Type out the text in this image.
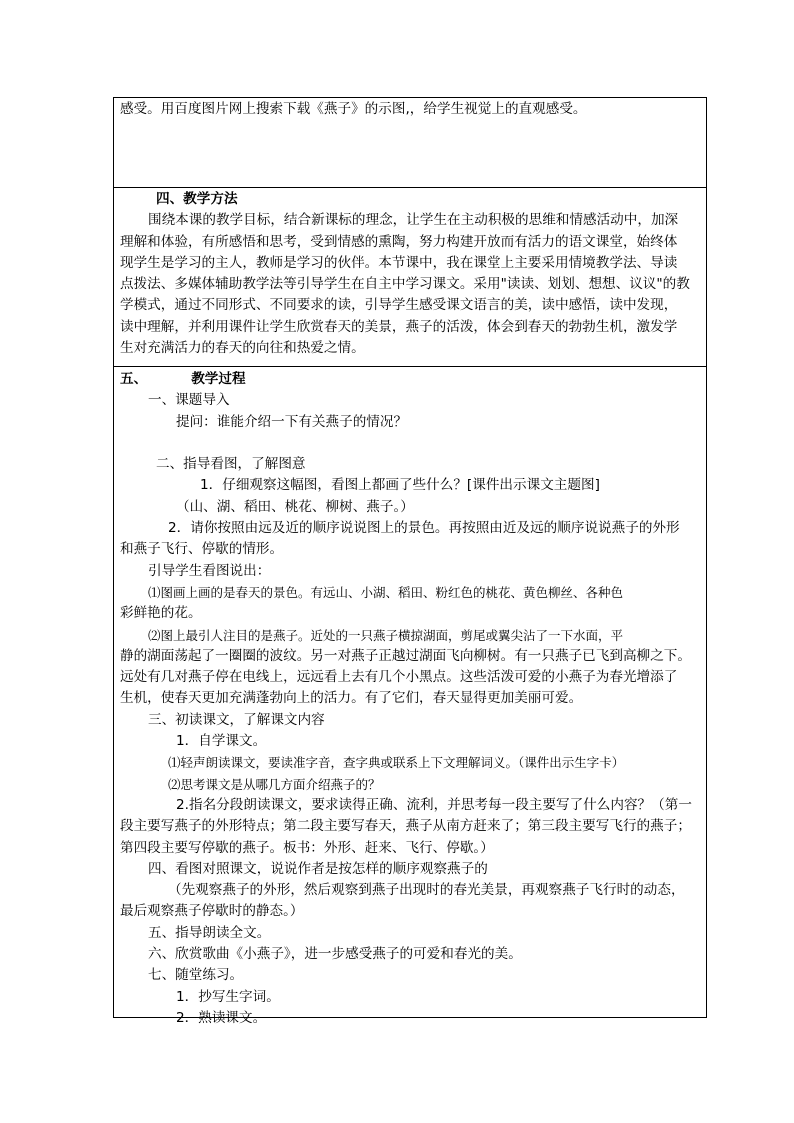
感受。用百度图片网上搜索下载《燕子》的示图,，给学生视觉上的直观感受。
四、教学方法
围绕本课的教学目标，结合新课标的理念，让学生在主动积极的思维和情感活动中，加深
理解和体验，有所感悟和思考，受到情感的熏陶，努力构建开放而有活力的语文课堂，始终体
现学生是学习的主人，教师是学习的伙伴。本节课中，我在课堂上主要采用情境教学法、导读
点拨法、多媒体辅助教学法等引导学生在自主中学习课文。采用"读读、划划、想想、议议"的教
学模式，通过不同形式、不同要求的读，引导学生感受课文语言的美，读中感悟，读中发现，
读中理解，并利用课件让学生欣赏春天的美景，燕子的活泼，体会到春天的勃勃生机，激发学
生对充满活力的春天的向往和热爱之情。
五、	教学过程
一、课题导入
提问：谁能介绍一下有关燕子的情况？

二、指导看图，了解图意
1．仔细观察这幅图，看图上都画了些什么？[课件出示课文主题图]
（山、湖、稻田、桃花、柳树、燕子。）
2．请你按照由远及近的顺序说说图上的景色。再按照由近及远的顺序说说燕子的外形
和燕子飞行、停歇的情形。
引导学生看图说出：
⑴图画上画的是春天的景色。有远山、小湖、稻田、粉红色的桃花、黄色柳丝、各种色
彩鲜艳的花。
⑵图上最引人注目的是燕子。近处的一只燕子横掠湖面，剪尾或翼尖沾了一下水面，平
静的湖面荡起了一圈圈的波纹。另一对燕子正越过湖面飞向柳树。有一只燕子已飞到高柳之下。
远处有几对燕子停在电线上，远远看上去有几个小黑点。这些活泼可爱的小燕子为春光增添了
生机，使春天更加充满蓬勃向上的活力。有了它们，春天显得更加美丽可爱。
三、初读课文，了解课文内容
1．自学课文。
⑴轻声朗读课文，要读准字音，查字典或联系上下文理解词义。（课件出示生字卡）
⑵思考课文是从哪几方面介绍燕子的？
2.指名分段朗读课文，要求读得正确、流利，并思考每一段主要写了什么内容？（第一
段主要写燕子的外形特点；第二段主要写春天，燕子从南方赶来了；第三段主要写飞行的燕子；
第四段主要写停歇的燕子。板书：外形、赶来、飞行、停歇。）
四、看图对照课文，说说作者是按怎样的顺序观察燕子的
（先观察燕子的外形，然后观察到燕子出现时的春光美景，再观察燕子飞行时的动态，
最后观察燕子停歇时的静态。）
五、指导朗读全文。
六、欣赏歌曲《小燕子》，进一步感受燕子的可爱和春光的美。
七、随堂练习。
1．抄写生字词。
2．熟读课文。
